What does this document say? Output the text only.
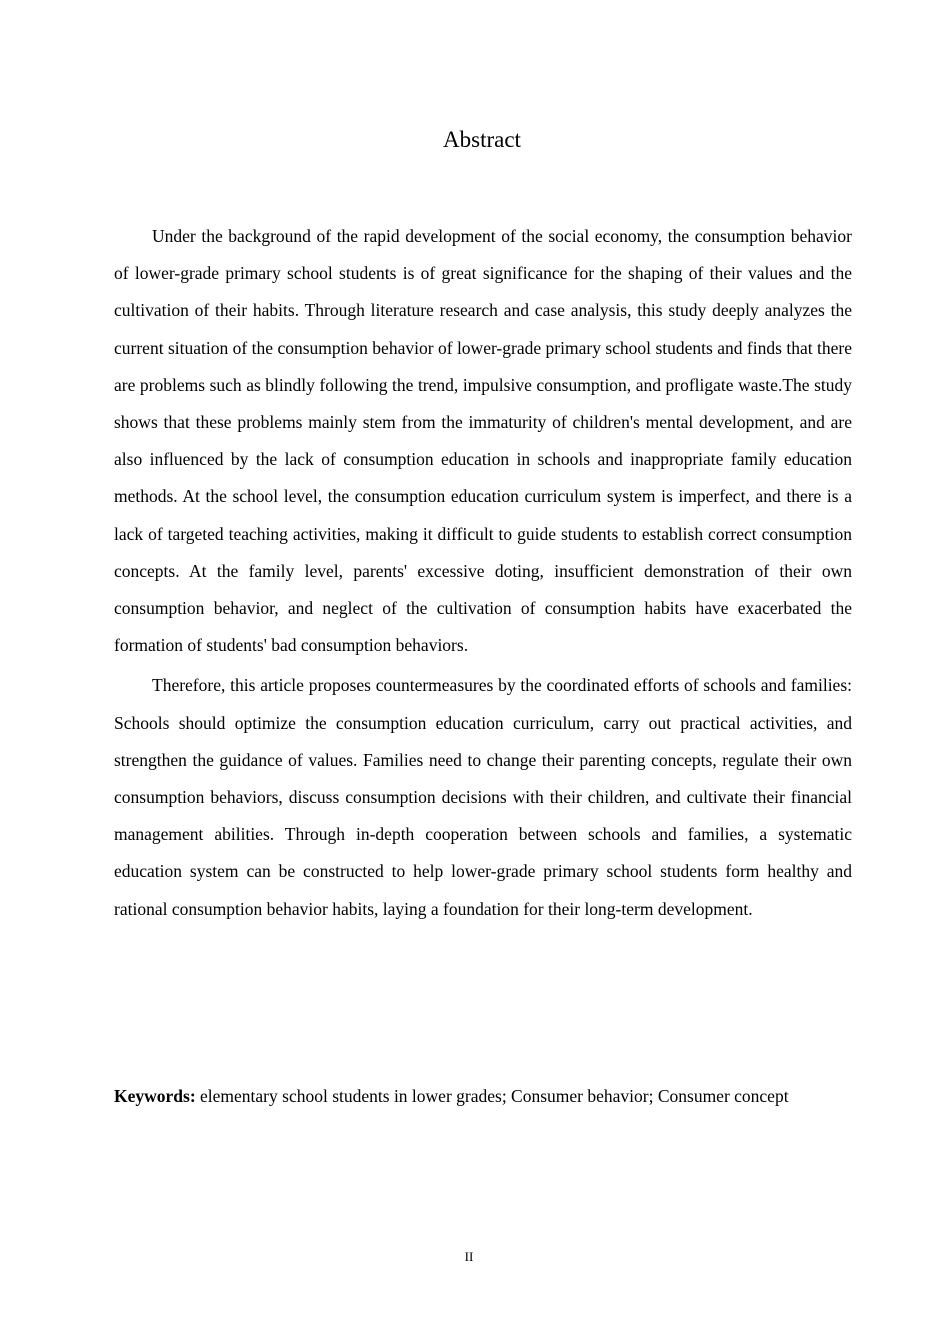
Abstract

Under the background of the rapid development of the social economy, the consumption behavior of lower-grade primary school students is of great significance for the shaping of their values and the cultivation of their habits. Through literature research and case analysis, this study deeply analyzes the current situation of the consumption behavior of lower-grade primary school students and finds that there are problems such as blindly following the trend, impulsive consumption, and profligate waste.The study shows that these problems mainly stem from the immaturity of children's mental development, and are also influenced by the lack of consumption education in schools and inappropriate family education methods. At the school level, the consumption education curriculum system is imperfect, and there is a lack of targeted teaching activities, making it difficult to guide students to establish correct consumption concepts. At the family level, parents' excessive doting, insufficient demonstration of their own consumption behavior, and neglect of the cultivation of consumption habits have exacerbated the formation of students' bad consumption behaviors.

Therefore, this article proposes countermeasures by the coordinated efforts of schools and families: Schools should optimize the consumption education curriculum, carry out practical activities, and strengthen the guidance of values. Families need to change their parenting concepts, regulate their own consumption behaviors, discuss consumption decisions with their children, and cultivate their financial management abilities. Through in-depth cooperation between schools and families, a systematic education system can be constructed to help lower-grade primary school students form healthy and rational consumption behavior habits, laying a foundation for their long-term development.

Keywords: elementary school students in lower grades; Consumer behavior; Consumer concept

II
